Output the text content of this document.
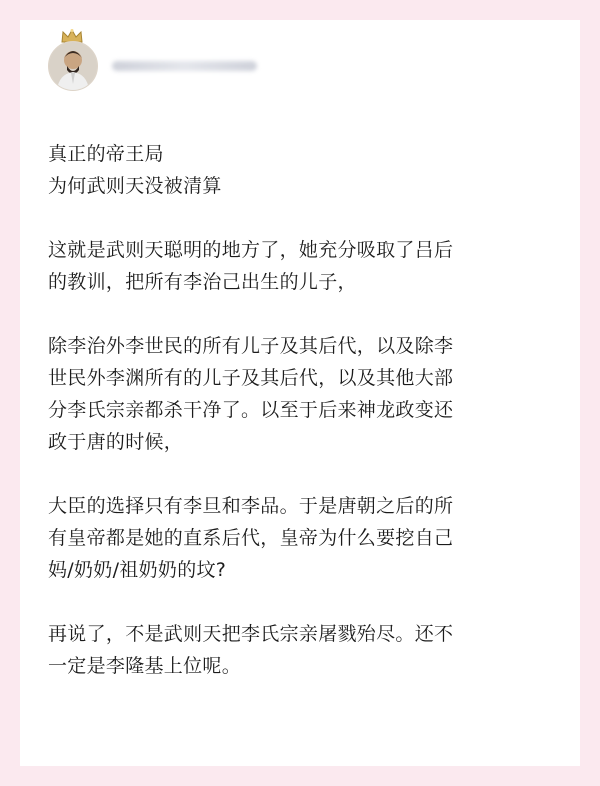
真正的帝王局

为何武则天没被清算

这就是武则天聪明的地方了，她充分吸取了吕后

的教训，把所有李治己出生的儿子，

除李治外李世民的所有儿子及其后代，以及除李

世民外李渊所有的儿子及其后代，以及其他大部

分李氏宗亲都杀干净了。以至于后来神龙政变还

政于唐的时候，

大臣的选择只有李旦和李品。于是唐朝之后的所

有皇帝都是她的直系后代，皇帝为什么要挖自己

妈/奶奶/祖奶奶的坟?

再说了，不是武则天把李氏宗亲屠戮殆尽。还不

一定是李隆基上位呢。
